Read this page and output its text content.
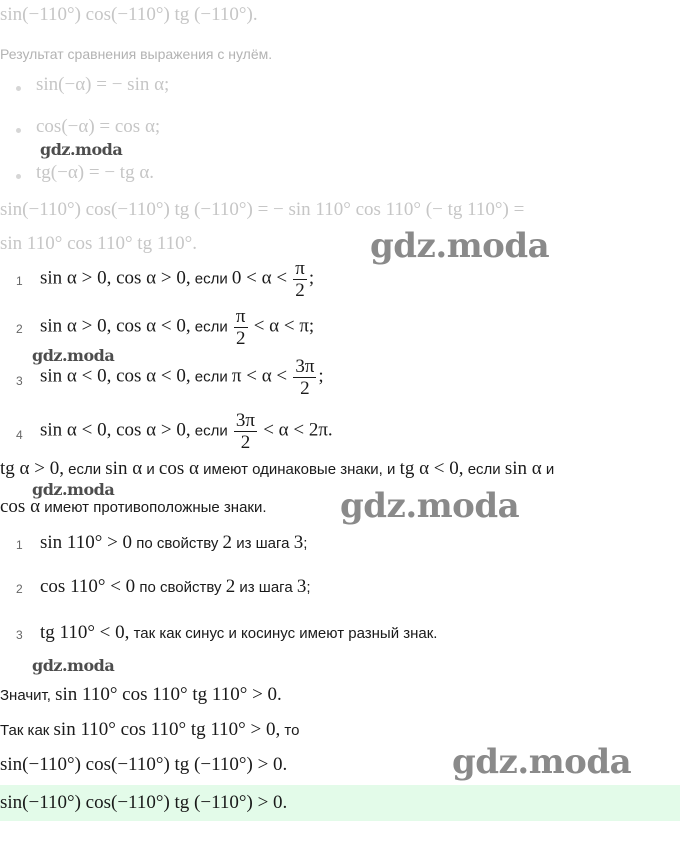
sin(−110°) cos(−110°) tg (−110°).
Результат сравнения выражения с нулём.
sin(−α) = − sin α;
cos(−α) = cos α;
tg(−α) = − tg α.
sin(−110°) cos(−110°) tg (−110°) = − sin 110° cos 110° (− tg 110°) =
sin 110° cos 110° tg 110°.
1 sin α > 0, cos α > 0, если $0 < \alpha < \frac{\pi}{2}$ ;
2 sin α > 0, cos α < 0, если $\frac{\pi}{2} < \alpha < \pi$;
3 sin α < 0, cos α < 0, если $\pi < \alpha < \frac{3\pi}{2}$ ;
4 sin α < 0, cos α > 0, если $\frac{3\pi}{2} < \alpha < 2\pi$.
tg α > 0, если sin α и cos α имеют одинаковые знаки, и tg α < 0, если sin α и
cos α имеют противоположные знаки.
1 sin 110° > 0 по свойству 2 из шага 3;
2 cos 110° < 0 по свойству 2 из шага 3;
3 tg 110° < 0, так как синус и косинус имеют разный знак.
Значит, sin 110° cos 110° tg 110° > 0.
Так как sin 110° cos 110° tg 110° > 0, то
sin(−110°) cos(−110°) tg (−110°) > 0.
sin(−110°) cos(−110°) tg (−110°) > 0.
gdz.moda
gdz.moda
gdz.moda
gdz.moda	gdz.moda
gdz.moda
gdz.moda
